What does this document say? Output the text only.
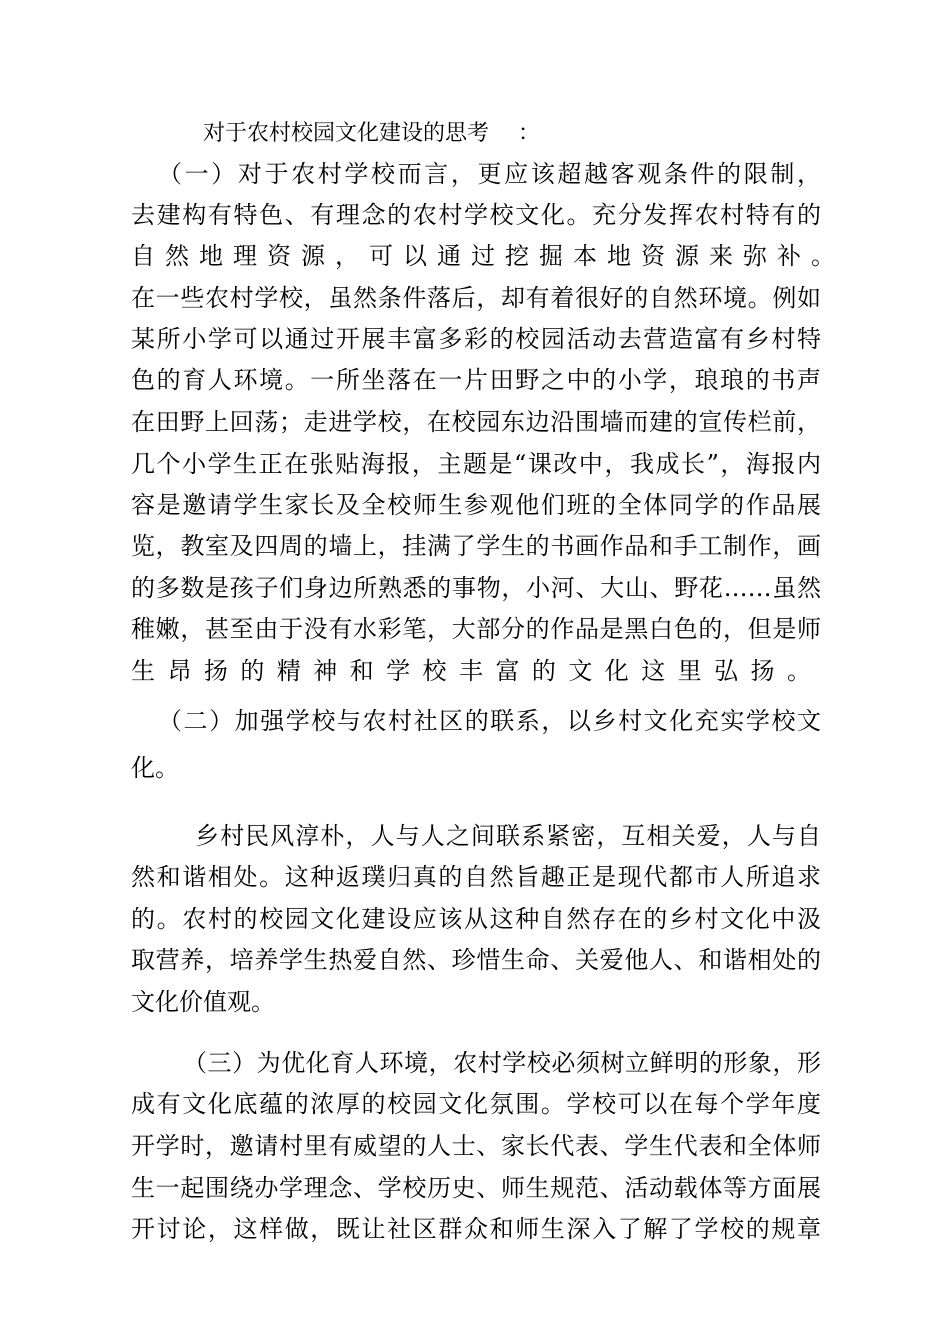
对于农村校园文化建设的思考 　：
（一）对于农村学校而言，更应该超越客观条件的限制，
去建构有特色、有理念的农村学校文化。充分发挥农村特有的
自然地理资源，可以通过挖掘本地资源来弥补。
在一些农村学校，虽然条件落后，却有着很好的自然环境。例如
某所小学可以通过开展丰富多彩的校园活动去营造富有乡村特
色的育人环境。一所坐落在一片田野之中的小学，琅琅的书声
在田野上回荡；走进学校，在校园东边沿围墙而建的宣传栏前，
几个小学生正在张贴海报，主题是“课改中，我成长”，海报内
容是邀请学生家长及全校师生参观他们班的全体同学的作品展
览，教室及四周的墙上，挂满了学生的书画作品和手工制作，画
的多数是孩子们身边所熟悉的事物，小河、大山、野花……虽然
稚嫩，甚至由于没有水彩笔，大部分的作品是黑白色的，但是师
生昂扬的精神和学校丰富的文化这里弘扬。
（二）加强学校与农村社区的联系，以乡村文化充实学校文
化。
乡村民风淳朴，人与人之间联系紧密，互相关爱，人与自
然和谐相处。这种返璞归真的自然旨趣正是现代都市人所追求
的。农村的校园文化建设应该从这种自然存在的乡村文化中汲
取营养，培养学生热爱自然、珍惜生命、关爱他人、和谐相处的
文化价值观。
（三）为优化育人环境，农村学校必须树立鲜明的形象，形
成有文化底蕴的浓厚的校园文化氛围。学校可以在每个学年度
开学时，邀请村里有威望的人士、家长代表、学生代表和全体师
生一起围绕办学理念、学校历史、师生规范、活动载体等方面展
开讨论，这样做，既让社区群众和师生深入了解了学校的规章
